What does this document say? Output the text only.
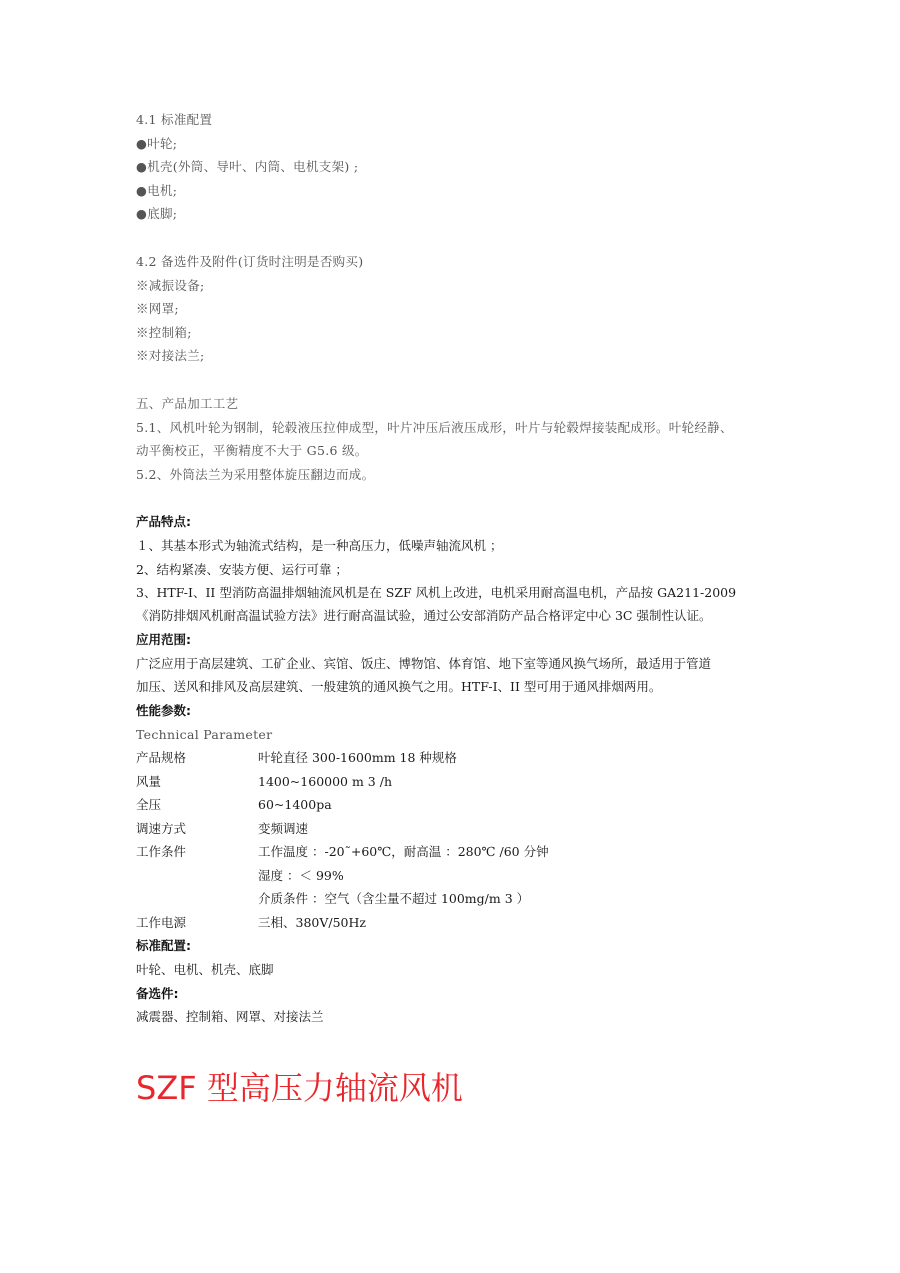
4.1 标准配置
●叶轮;
●机壳(外筒、导叶、内筒、电机支架) ;
●电机;
●底脚;
4.2 备选件及附件(订货时注明是否购买)
※减振设备;
※网罩;
※控制箱;
※对接法兰;
五、产品加工工艺
5.1、风机叶轮为钢制，轮毂液压拉伸成型，叶片冲压后液压成形，叶片与轮毂焊接装配成形。叶轮经静、
动平衡校正，平衡精度不大于 G5.6 级。
5.2、外筒法兰为采用整体旋压翻边而成。
产品特点:
１、其基本形式为轴流式结构，是一种高压力，低噪声轴流风机 ；
2、结构紧凑、安装方便、运行可靠 ；
3、HTF-I、II 型消防高温排烟轴流风机是在 SZF 风机上改进，电机采用耐高温电机，产品按 GA211-2009
《消防排烟风机耐高温试验方法》进行耐高温试验，通过公安部消防产品合格评定中心 3C 强制性认证。
应用范围:
广泛应用于高层建筑、工矿企业、宾馆、饭庄、博物馆、体育馆、地下室等通风换气场所，最适用于管道
加压、送风和排风及高层建筑、一般建筑的通风换气之用。HTF-I、II 型可用于通风排烟两用。
性能参数:
Technical Parameter
产品规格	叶轮直径 300-1600mm 18 种规格
风量	1400~160000 m 3 /h
全压	60~1400pa
调速方式	变频调速
工作条件	工作温度 ：-20˜+60℃，耐高温 ：280℃ /60 分钟
湿度 ：＜ 99%
介质条件 ：空气（含尘量不超过 100mg/m 3 ）
工作电源	三相、380V/50Hz
标准配置:
叶轮、电机、机壳、底脚
备选件:
减震器、控制箱、网罩、对接法兰
SZF 型高压力轴流风机
